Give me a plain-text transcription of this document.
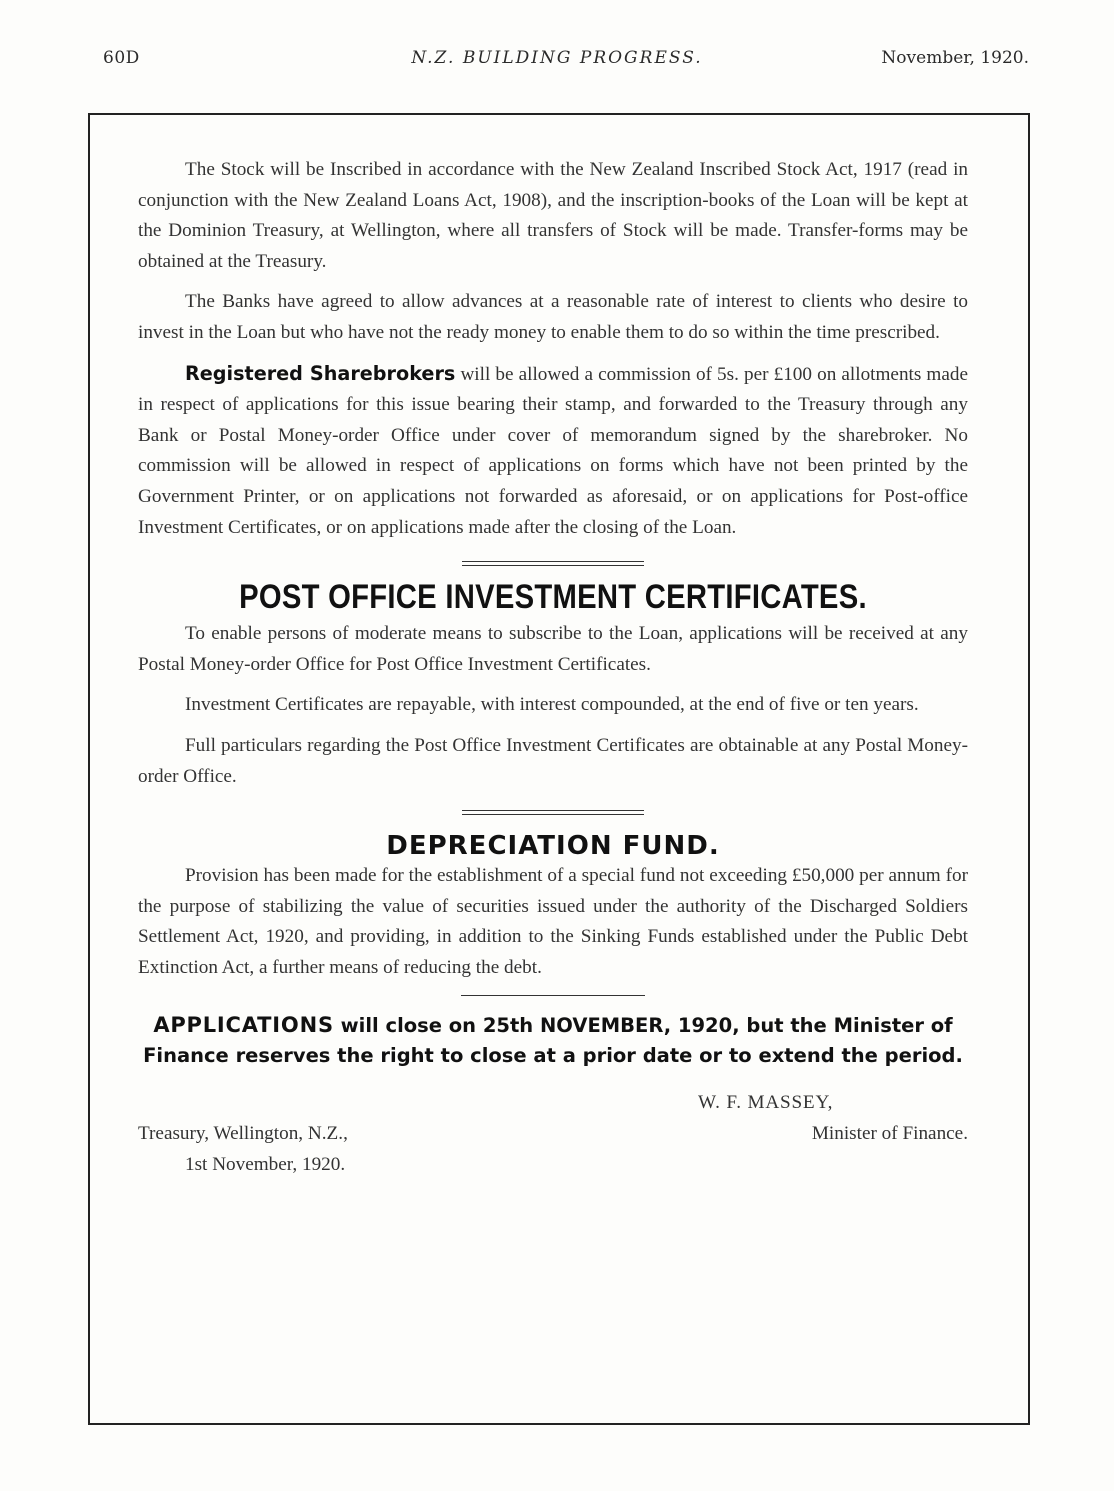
60D	N.Z. BUILDING PROGRESS.	November, 1920.

The Stock will be Inscribed in accordance with the New Zealand Inscribed Stock Act, 1917 (read in conjunction with the New Zealand Loans Act, 1908), and the inscription-books of the Loan will be kept at the Dominion Treasury, at Wellington, where all transfers of Stock will be made. Transfer-forms may be obtained at the Treasury.

The Banks have agreed to allow advances at a reasonable rate of interest to clients who desire to invest in the Loan but who have not the ready money to enable them to do so within the time prescribed.

Registered Sharebrokers will be allowed a commission of 5s. per £100 on allotments made in respect of applications for this issue bearing their stamp, and forwarded to the Treasury through any Bank or Postal Money-order Office under cover of memorandum signed by the sharebroker. No commission will be allowed in respect of applications on forms which have not been printed by the Government Printer, or on applications not forwarded as aforesaid, or on applications for Post-office Investment Certificates, or on applications made after the closing of the Loan.

POST OFFICE INVESTMENT CERTIFICATES.

To enable persons of moderate means to subscribe to the Loan, applications will be received at any Postal Money-order Office for Post Office Investment Certificates.

Investment Certificates are repayable, with interest compounded, at the end of five or ten years.

Full particulars regarding the Post Office Investment Certificates are obtainable at any Postal Money-order Office.

DEPRECIATION FUND.

Provision has been made for the establishment of a special fund not exceeding £50,000 per annum for the purpose of stabilizing the value of securities issued under the authority of the Discharged Soldiers Settlement Act, 1920, and providing, in addition to the Sinking Funds established under the Public Debt Extinction Act, a further means of reducing the debt.

APPLICATIONS will close on 25th NOVEMBER, 1920, but the Minister of
Finance reserves the right to close at a prior date or to extend the period.
Treasury, Wellington, N.Z.,
1st November, 1920.
W. F. MASSEY,
Minister of Finance.
